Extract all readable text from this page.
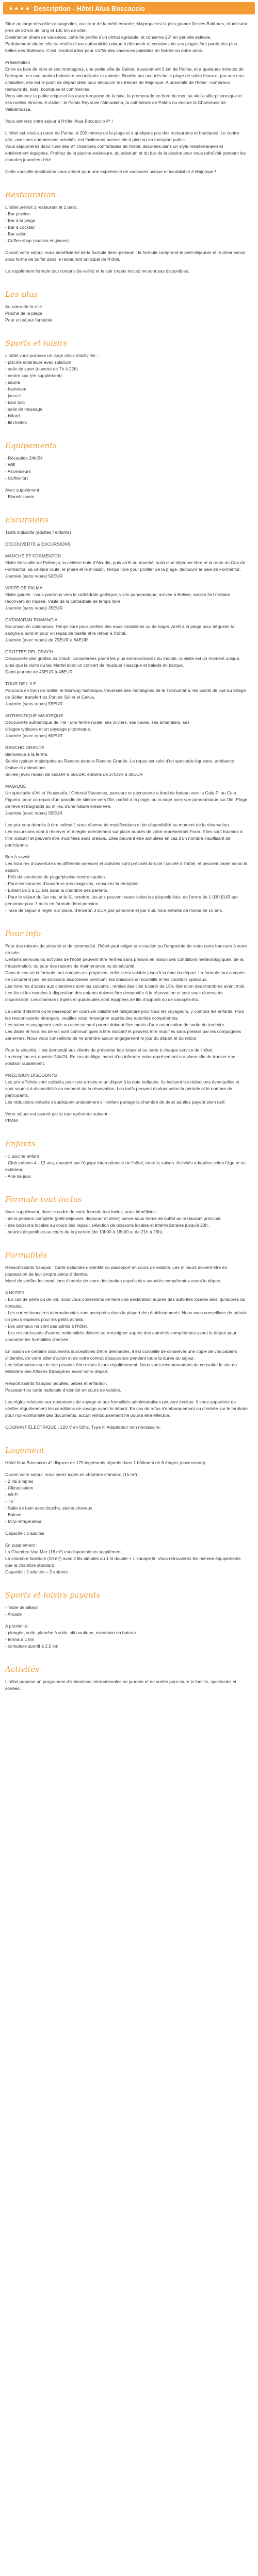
★★★★ Description - Hôtel Alua Boccaccio
Situé au large des côtes espagnoles, au cœur de la méditerranée, Majorque est la plus grande île des Baléares, réunissant près de 80 km de long et 100 km de côte.
Destination phare de vacances, cette île profite d'un climat agréable, et conserve 25° en période estivale.
Parfaitement située, elle se révèle d'une authenticité unique à découvrir et certaines de ses plages font partie des plus belles des Baléares. C'est l'endroit idéal pour s'offrir des vacances paisibles en famille ou entre amis.
Présentation
Entre sa baie de rêve et ses montagnes, une petite ville de Calvia, à seulement 5 km de Palma, et à quelques minutes de l'aéroport, est une station balnéaire accueillante et animée. Bordée par une très belle plage de sable blanc et par une eau cristalline, elle est le point de départ idéal pour découvrir les trésors de Majorque. A proximité de l'hôtel : nombreux restaurants, bars, boutiques et commerces.
Vous aimerez la petite crique et les eaux turquoise de la baie, la promenade en bord de mer, sa vieille ville pittoresque et ses ruelles étroites. A visiter : le Palais Royal de l'Almudaina, la cathédrale de Palma ou encore la Chartreuse de Valldemossa.
Vous aimerez votre séjour à l'Hôtel Alua Boccaccio 4* !
L'hôtel est situé au cœur de Palma, à 200 mètres de la plage et à quelques pas des restaurants et boutiques. Le centre-ville, avec ses nombreuses activités, est facilement accessible à pied ou en transport public.
Vous séjournerez dans l'une des 97 chambres confortables de l'hôtel, décorées dans un style méditerranéen et entièrement équipées. Profitez de la piscine extérieure, du solarium et du bar de la piscine pour vous rafraîchir pendant les chaudes journées d'été.
Cette nouvelle destination vous attend pour une expérience de vacances unique et inoubliable à Majorque !
Restauration
L'hôtel prévoit 1 restaurant et 1 bars :
- Bar piscine
- Bar à la plage
- Bar à cocktail
- Bar salon
- Coffee shop (snacks et glaces)
Durant votre séjour, vous bénéficierez de la formule demi-pension : la formule comprend le petit-déjeuner et le dîner servis sous forme de buffet dans le restaurant principal de l'hôtel.
Le supplément formule tout compris (la veille) et le soir (repas inclus) ne sont pas disponibles.
Les plus
Au cœur de la ville
Proche de la plage
Pour un séjour farniente
Sports et loisirs
L'hôtel vous propose un large choix d'activités :
- piscine extérieure avec solarium
- salle de sport (ouverte de 7h à 22h)
- centre spa (en supplément)
- sauna
- hammam
- jacuzzi
- bain turc
- salle de massage
- billard
- fléchettes
Equipements
- Réception 24h/24
- Wifi
- Ascenseurs
- Coffre-fort
Avec supplément :
- Blanchisserie
Excursions
Tarifs indicatifs (adultes / enfants)
DÉCOUVERTE & EXCURSIONS
MARCHÉ ET FORMENTOR
Visite de la ville de Pollença, la célèbre baie d'Alcudia, puis arrêt au marché, suivi d'un déjeuner libre et la route du Cap de Formentor, sa célèbre route, le phare et le mirador. Temps libre pour profiter de la plage, découvrir la baie de Formentor.
Journée (sans repas) 50EUR
VISITE DE PALMA
Visite guidée : nous partirons vers la cathédrale gothique, visite panoramique, arrivée à Bellver, ancien fort militaire reconverti en musée. Visite de la cathédrale de temps libre.
Journée (sans repas) 35EUR
CATAMARAN ROMANCIA
Excursion en catamaran. Temps libre pour profiter des eaux cristallines ou de nager. Arrêt à la plage pour déguster la sangria à bord et pour un repas de paella et le retour à l'hôtel.
Journée (avec repas) de 79EUR à 84EUR
GROTTES DEL DRACH
Découverte des grottes du Drach, considérées parmi les plus extraordinaires du monde, la visite est un moment unique, ainsi que la visite du lac Martel avec un concert de musique classique et balade en barque.
Demi-journée de 45EUR à 48EUR
TOUR DE L'ILE
Parcours en train de Sóller, le tramway historique, traversée des montagnes de la Tramuntana, les points de vue du village de Sóller, transfert du Port de Sóller et Calvia.
Journée (sans repas) 55EUR
AUTHENTIQUE MAJORQUE
Découverte authentique de l'île : une ferme rurale, ses oliviers, ses caves, ses amandiers, ses
villages typiques et un paysage pittoresque.
Journée (avec repas) 60EUR
RANCHO GRANDE
Bienvenue à la ferme.
Soirée typique majorquine au Rancho dans le Rancho Grande. Le repas est suivi d'un spectacle équestre, ambiance festive et animations.
Soirée (avec repas) de 55EUR à 56EUR, enfants de 27EUR à 30EUR
MAGIQUE
Un spectacle d'Ali et Youssoufa, l'Oriental Vacances, parcours et découverte à bord de bateau vers la Cala Pi ou Cala Figuera, pour un repas d'un paradis de silence vers l'île, parfait à la plage, ou la nage avec vue panoramique sur l'île. Plage de rêve et baignade au milieu d'une nature préservée.
Journée (avec repas) 55EUR
Les prix sont donnés à titre indicatif, sous réserve de modifications et de disponibilité au moment de la réservation.
Les excursions sont à réserver et à régler directement sur place auprès de votre représentant Fram. Elles sont fournies à titre indicatif et peuvent être modifiées sans préavis. Elles peuvent être annulées en cas d'un nombre insuffisant de participants.
Bon à savoir
Les horaires d'ouverture des différents services et activités sont précisés lors de l'arrivée à l'hôtel, et peuvent varier selon la saison.
- Prêt de serviettes de plage/piscine contre caution.
- Pour les horaires d'ouverture des magasins, consultez la réception.
- Enfant de 2 à 11 ans dans la chambre des parents.
- Pour le séjour du 1er mai et le 31 octobre, les prix peuvent varier selon les disponibilités, de l'ordre de 1 030 EUR par personne pour 7 nuits en formule demi-pension.
- Taxe de séjour à régler sur place, d'environ 3 EUR par personne et par nuit, hors enfants de moins de 16 ans.
Pour info
Pour des raisons de sécurité et de commodité, l'hôtel peut exiger une caution ou l'empreinte de votre carte bancaire à votre arrivée.
Certains services ou activités de l'hôtel peuvent être fermés sans préavis en raison des conditions météorologiques, de la fréquentation, ou pour des raisons de maintenance ou de sécurité.
Dans le cas où la formule tout compris est proposée, celle-ci est valable jusqu'à la date du départ. La formule tout compris ne comprend pas les boissons alcoolisées premium, les boissons en bouteille et les cocktails spéciaux.
Les horaires d'accès aux chambres sont les suivants : remise des clés à partir de 15h, libération des chambres avant midi.
Les lits et les matelas à disposition des enfants doivent être demandés à la réservation et sont sous réserve de disponibilité. Les chambres triples et quadruples sont équipées de lits d'appoint ou de canapés-lits.
La carte d'identité ou le passeport en cours de validité est obligatoire pour tous les voyageurs, y compris les enfants. Pour les ressortissants étrangers, veuillez vous renseigner auprès des autorités compétentes.
Les mineurs voyageant seuls ou avec un seul parent doivent être munis d'une autorisation de sortie du territoire.
Les dates et horaires de vol sont communiqués à titre indicatif et peuvent être modifiés sans préavis par les compagnies aériennes. Nous vous conseillons de ne prendre aucun engagement le jour du départ et du retour.
Pour la sécurité, il est demandé aux clients de présenter leur bracelet ou carte à chaque service de l'hôtel.
La réception est ouverte 24h/24. En cas de litige, merci d'en informer notre représentant sur place afin de trouver une solution rapidement.
PRÉCISION DISCOUNTS
Les prix affichés sont calculés pour une arrivée et un départ à la date indiquée. Ils incluent les réductions éventuelles et sont soumis à disponibilité au moment de la réservation. Les tarifs peuvent évoluer selon la période et le nombre de participants.
Les réductions enfants s'appliquent uniquement si l'enfant partage la chambre de deux adultes payant plein tarif.
Votre séjour est assuré par le tour opérateur suivant :
FRAM
Enfants
- 1 piscine enfant
- Club enfants 4 - 12 ans, encadré par l'équipe internationale de l'hôtel, toute la saison. Activités adaptées selon l'âge et en extérieur.
- Aire de jeux
Formule tout inclus
Avec supplément, dans le cadre de votre formule tout inclus, vous bénéficiez :
- de la pension complète (petit-déjeuner, déjeuner et dîner) servie sous forme de buffet au restaurant principal,
- des boissons locales au cours des repas : sélection de boissons locales et internationales jusqu'à 23h,
- snacks disponibles au cours de la journée (de 10h00 à 18h00 et de 21h à 23h).
Formalités
Ressortissants français : Carte nationale d'identité ou passeport en cours de validité. Les mineurs doivent être en possession de leur propre pièce d'identité.
Merci de vérifier les conditions d'entrée de votre destination auprès des autorités compétentes avant le départ.
A NOTER
- En cas de perte ou de vol, nous vous conseillons de faire une déclaration auprès des autorités locales ainsi qu'auprès du consulat.
- Les cartes bancaires internationales sont acceptées dans la plupart des établissements. Nous vous conseillons de prévoir un peu d'espèces pour les petits achats.
- Les animaux ne sont pas admis à l'hôtel.
- Les ressortissants d'autres nationalités doivent se renseigner auprès des autorités compétentes avant le départ pour connaître les formalités d'entrée.
En raison de certains documents susceptibles d'être demandés, il est conseillé de conserver une copie de vos papiers d'identité, de votre billet d'avion et de votre contrat d'assurance pendant toute la durée du séjour.
Les informations sur le site peuvent être mises à jour régulièrement. Nous vous recommandons de consulter le site du Ministère des Affaires Étrangères avant votre départ.
Ressortissants français (adultes, bébés et enfants) :
Passeport ou carte nationale d'identité en cours de validité.
Les règles relatives aux documents de voyage et aux formalités administratives peuvent évoluer. Il vous appartient de vérifier régulièrement les conditions de voyage avant le départ. En cas de refus d'embarquement ou d'entrée sur le territoire pour non-conformité des documents, aucun remboursement ne pourra être effectué.
COURANT ÉLECTRIQUE : 220 V en 50hz. Type F. Adaptateur non nécessaire.
Logement
Hôtel Alua Boccaccio 4* dispose de 175 logements répartis dans 1 bâtiment de 6 étages (ascenseurs).
Durant votre séjour, vous serez logés en chambre standard (16 m²) :
- 2 lits simples
- Climatisation
- Wi-Fi
- TV
- Salle de bain avec douche, sèche-cheveux
- Balcon
- Mini-réfrigérateur
Capacité : 3 adultes
En supplément :
La Chambre Vue Mer (16 m²) est disponible en supplément.
La chambre familiale (20 m²) avec 2 lits simples ou 1 lit double + 1 canapé lit. Vous retrouverez les mêmes équipements que la chambre standard.
Capacité : 2 adultes + 2 enfants
Sports et loisirs payants
- Table de billard
- Arcade
A proximité :
- plongée, voile, planche à voile, ski nautique, excursion en bateau…
- tennis à 1 km
- complexe sportif à 2,5 km
Activités
L'hôtel propose un programme d'animations internationales en journée et en soirée pour toute la famille, spectacles et soirées.
